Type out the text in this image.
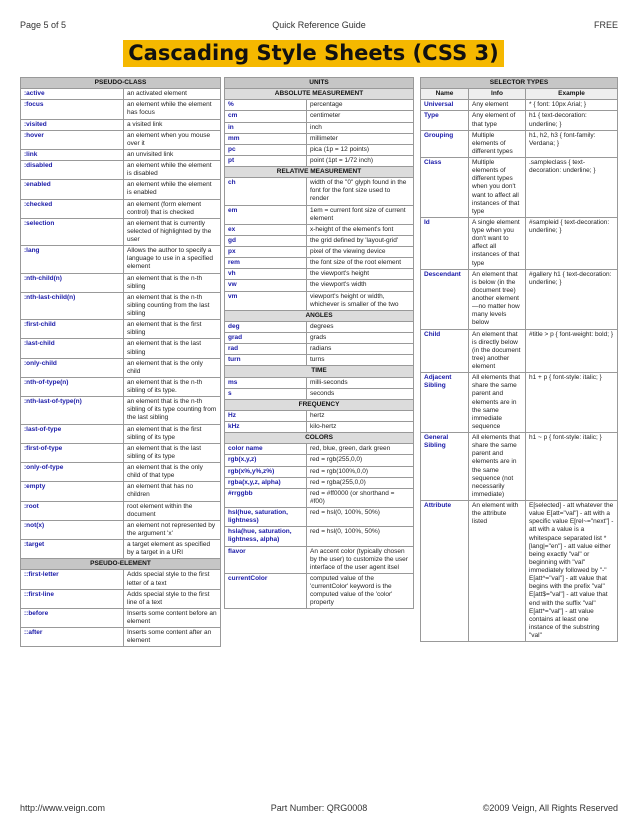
Page 5 of 5	Quick Reference Guide	FREE
Cascading Style Sheets (CSS 3)
PSEUDO-CLASS	
:active	an activated element
:focus	an element while the element has focus
:visited	a visited link
:hover	an element when you mouse over it
:link	an unvisited link
:disabled	an element while the element is disabled
:enabled	an element while the element is enabled
:checked	an element (form element control) that is checked
:selection	an element that is currently selected of highlighted by the user
:lang	Allows the author to specify a language to use in a specified element
:nth-child(n)	an element that is the n-th sibling
:nth-last-child(n)	an element that is the n-th sibling counting from the last sibling
:first-child	an element that is the first sibling
:last-child	an element that is the last sibling
:only-child	an element that is the only child
:nth-of-type(n)	an element that is the n-th sibling of its type.
:nth-last-of-type(n)	an element that is the n-th sibling of its type counting from the last sibling
:last-of-type	an element that is the first sibling of its type
:first-of-type	an element that is the last sibling of its type
:only-of-type	an element that is the only child of that type
:empty	an element that has no children
:root	root element within the document
:not(x)	an element not represented by the argument 'x'
:target	a target element as specified by a target in a URI
PSEUDO-ELEMENT	
::first-letter	Adds special style to the first letter of a text
::first-line	Adds special style to the first line of a text
::before	Inserts some content before an element
::after	Inserts some content after an element
UNITS	
ABSOLUTE MEASUREMENT	
%	percentage
cm	centimeter
in	inch
mm	millimeter
pc	pica (1p = 12 points)
pt	point (1pt = 1/72 inch)
RELATIVE MEASUREMENT	
ch	width of the "0" glyph found in the font for the font size used to render
em	1em = current font size of current element
ex	x-height of the element's font
gd	the grid defined by 'layout-grid'
px	pixel of the viewing device
rem	the font size of the root element
vh	the viewport's height
vw	the viewport's width
vm	viewport's height or width, whichever is smaller of the two
ANGLES	
deg	degrees
grad	grads
rad	radians
turn	turns
TIME	
ms	milli-seconds
s	seconds
FREQUENCY	
Hz	hertz
kHz	kilo-hertz
COLORS	
color name	red, blue, green, dark green
rgb(x,y,z)	red = rgb(255,0,0)
rgb(x%,y%,z%)	red = rgb(100%,0,0)
rgba(x,y,z, alpha)	red = rgba(255,0,0)
#rrggbb	red = #ff0000 (or shorthand = #f00)
hsl(hue, saturation, lightness)	red = hsl(0, 100%, 50%)
hsla(hue, saturation, lightness, alpha)	red = hsl(0, 100%, 50%)
flavor	An accent color (typically chosen by the user) to customize the user interface of the user agent itsel
currentColor	computed value of the 'currentColor' keyword is the computed value of the 'color' property
SELECTOR TYPES		
Name	Info	Example
Universal	Any element	* { font: 10px Arial; }
Type	Any element of that type	h1 { text-decoration: underline; }
Grouping	Multiple elements of different types	h1, h2, h3 { font-family: Verdana; }
Class	Multiple elements of different types when you don't want to affect all instances of that type	.sampleclass { text-decoration: underline; }
Id	A single element type when you don't want to affect all instances of that type	#sampleid { text-decoration: underline; }
Descendant	An element that is below (in the document tree) another element—no matter how many levels below	#gallery h1 { text-decoration: underline; }
Child	An element that is directly below (in the document tree) another element	#title > p { font-weight: bold; }
Adjacent Sibling	All elements that share the same parent and elements are in the same immediate sequence	h1 + p { font-style: italic; }
General Sibling	All elements that share the same parent and elements are in the same sequence (not necessarily immediate)	h1 ~ p { font-style: italic; }
Attribute	An element with the attribute listed	E[selected] - att whatever the value E[att="val"] - att with a specific value E[rel~="next"] - att with a value is a whitespace separated list *[lang|="en"] - att value either being exactly "val" or beginning with "val" immediately followed by "-" E[att^="val"] - att value that begins with the prefix "val" E[att$="val"] - att value that end with the suffix "val" E[att*="val"] - att value contains at least one instance of the substring "val"
http://www.veign.com	Part Number: QRG0008	©2009 Veign, All Rights Reserved
